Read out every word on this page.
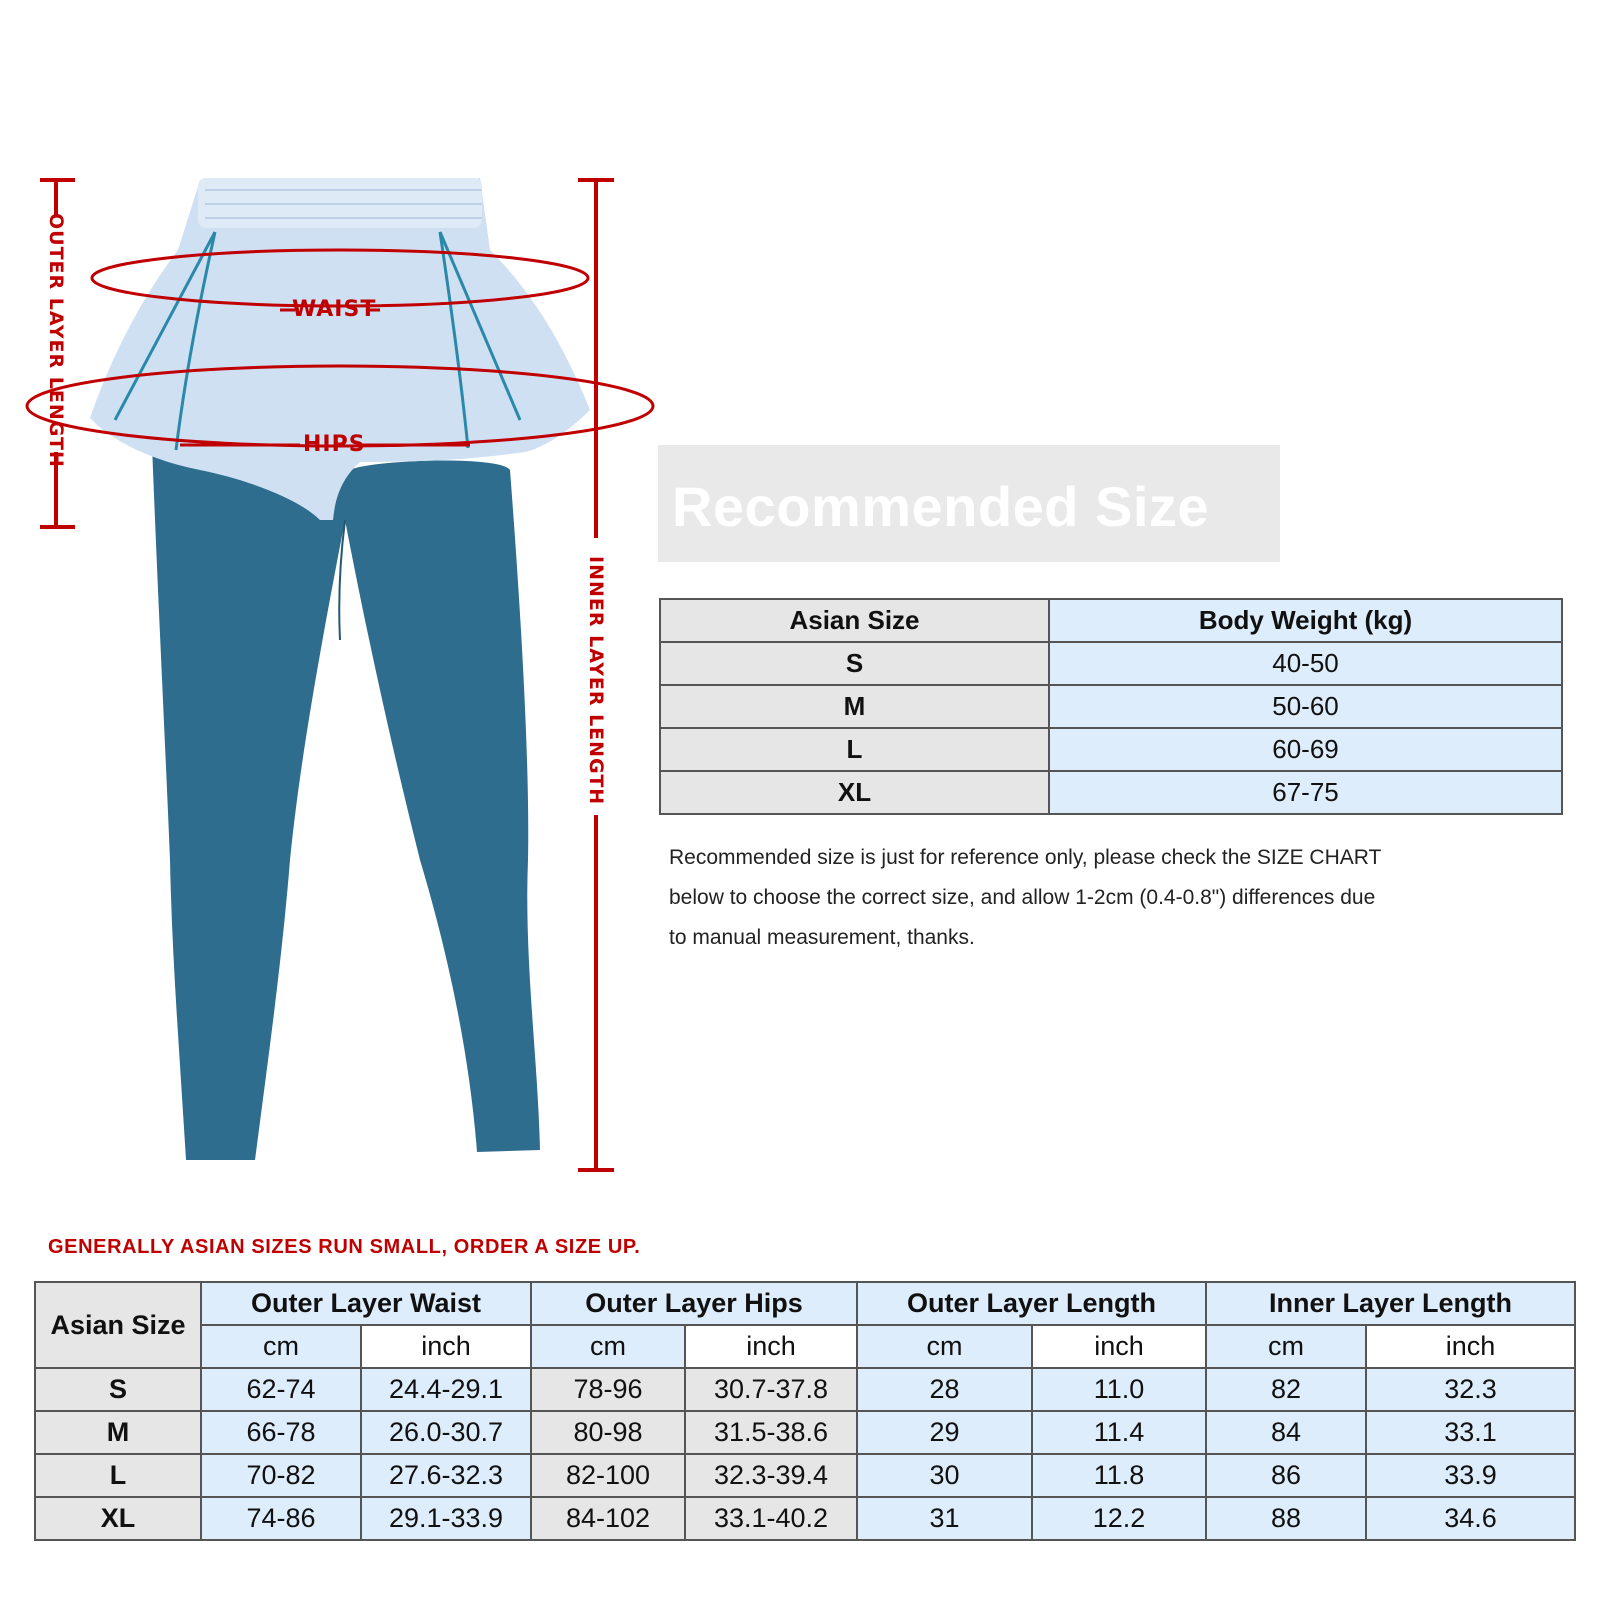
WAIST
HIPS
OUTER LAYER LENGTH
INNER LAYER LENGTH
Recommended Size
Asian Size	Body Weight (kg)
S	40-50
M	50-60
L	60-69
XL	67-75
Recommended size is just for reference only, please check the SIZE CHART below to choose the correct size, and allow 1-2cm (0.4-0.8") differences due to manual measurement, thanks.
GENERALLY ASIAN SIZES RUN SMALL, ORDER A SIZE UP.
Asian Size	Outer Layer Waist		Outer Layer Hips		Outer Layer Length		Inner Layer Length	
	cm	inch	cm	inch	cm	inch	cm	inch
S	62-74	24.4-29.1	78-96	30.7-37.8	28	11.0	82	32.3
M	66-78	26.0-30.7	80-98	31.5-38.6	29	11.4	84	33.1
L	70-82	27.6-32.3	82-100	32.3-39.4	30	11.8	86	33.9
XL	74-86	29.1-33.9	84-102	33.1-40.2	31	12.2	88	34.6
